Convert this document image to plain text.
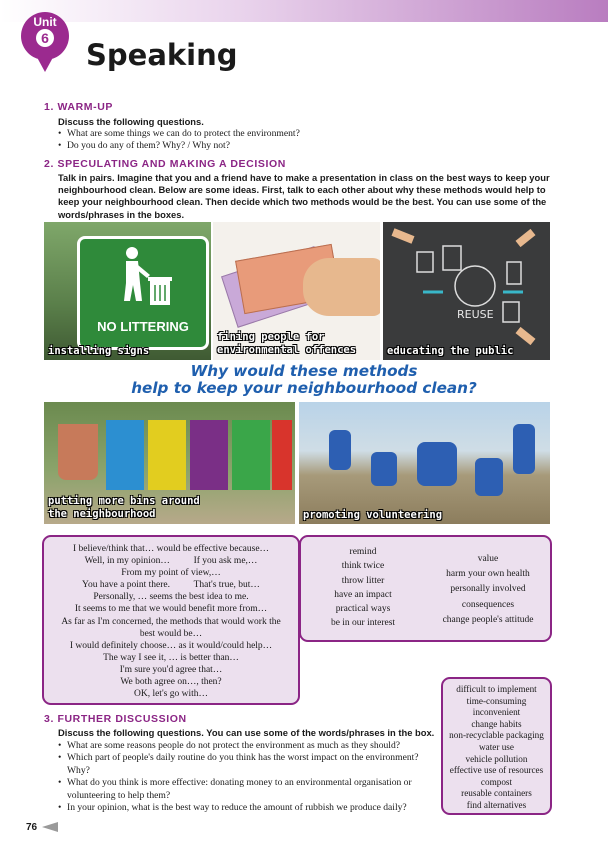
Unit
6 Speaking
1. WARM-UP
Discuss the following questions.
• What are some things we can do to protect the environment?
• Do you do any of them? Why? / Why not?
2. SPECULATING AND MAKING A DECISION
Talk in pairs. Imagine that you and a friend have to make a presentation in class on the best ways to keep your
neighbourhood clean. Below are some ideas. First, talk to each other about why these methods would help to
keep your neighbourhood clean. Then decide which two methods would be the best. You can use some of the
words/phrases in the boxes.
NO LITTERING
installing signs
fining people for
environmental offences
REUSE
educating the public
Why would these methods
help to keep your neighbourhood clean?
putting more bins around
the neighbourhood	promoting volunteering
I believe/think that… would be effective because…
Well, in my opinion…          If you ask me,…
From my point of view,…
You have a point there.          That's true, but…
Personally, … seems the best idea to me.
It seems to me that we would benefit more from…
As far as I'm concerned, the methods that would work the
best would be…
I would definitely choose… as it would/could help…
The way I see it, … is better than…
I'm sure you'd agree that…
We both agree on…, then?
OK, let's go with…
remind
think twice
throw litter
have an impact
practical ways
be in our interest
value
harm your own health
personally involved
consequences
change people's attitude
3. FURTHER DISCUSSION
Discuss the following questions. You can use some of the words/phrases in the box.
• What are some reasons people do not protect the environment as much as they should?
• Which part of people's daily routine do you think has the worst impact on the environment?
Why?
• What do you think is more effective: donating money to an environmental organisation or
volunteering to help them?
• In your opinion, what is the best way to reduce the amount of rubbish we produce daily?
difficult to implement
time-consuming
inconvenient
change habits
non-recyclable packaging
water use
vehicle pollution
effective use of resources
compost
reusable containers
find alternatives
76
